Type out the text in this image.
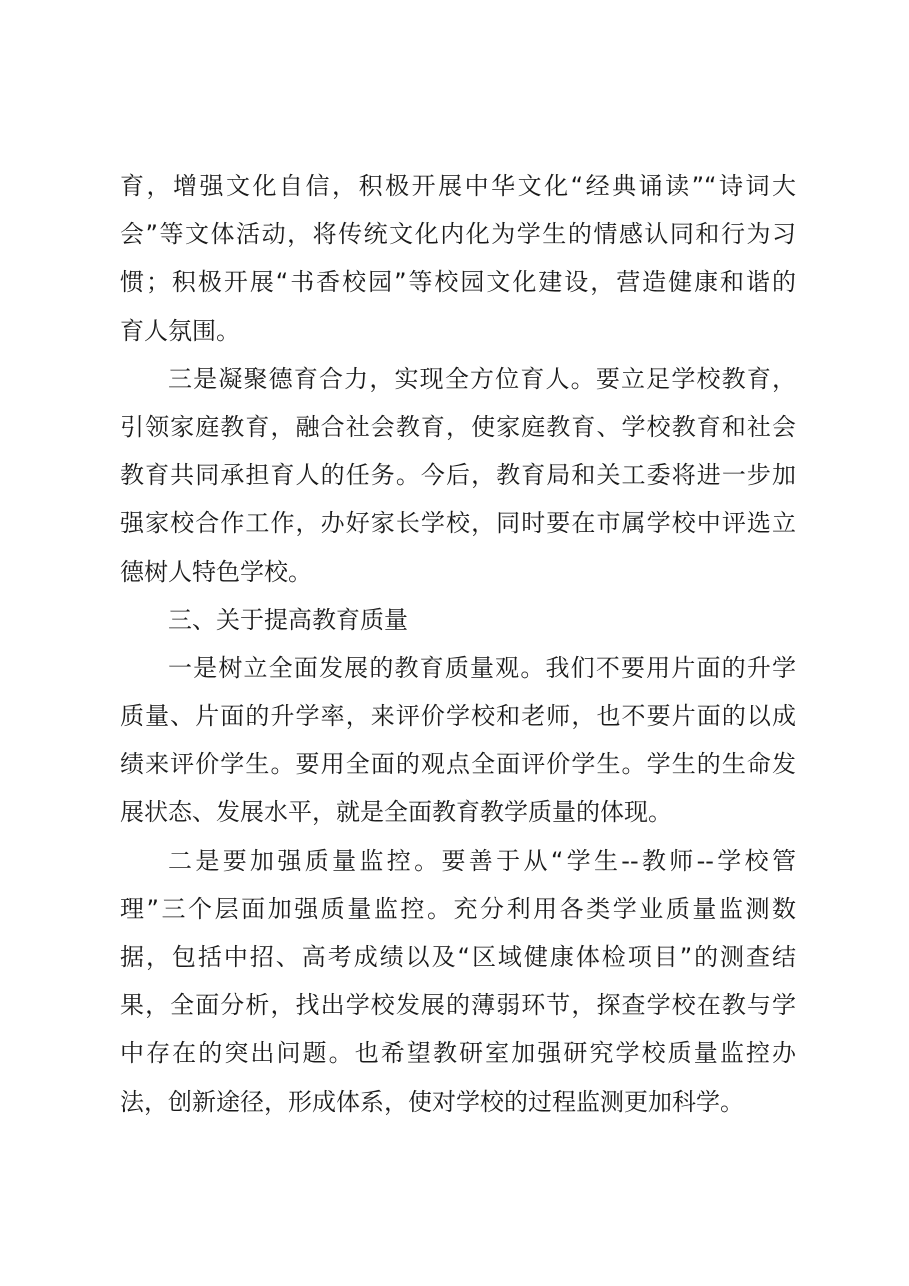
育，增强文化自信，积极开展中华文化“经典诵读”“诗词大
会”等文体活动，将传统文化内化为学生的情感认同和行为习
惯；积极开展“书香校园”等校园文化建设，营造健康和谐的
育人氛围。
三是凝聚德育合力，实现全方位育人。要立足学校教育，
引领家庭教育，融合社会教育，使家庭教育、学校教育和社会
教育共同承担育人的任务。今后，教育局和关工委将进一步加
强家校合作工作，办好家长学校，同时要在市属学校中评选立
德树人特色学校。
三、关于提高教育质量
一是树立全面发展的教育质量观。我们不要用片面的升学
质量、片面的升学率，来评价学校和老师，也不要片面的以成
绩来评价学生。要用全面的观点全面评价学生。学生的生命发
展状态、发展水平，就是全面教育教学质量的体现。
二是要加强质量监控。要善于从“学生--教师--学校管
理”三个层面加强质量监控。充分利用各类学业质量监测数
据，包括中招、高考成绩以及“区域健康体检项目”的测查结
果，全面分析，找出学校发展的薄弱环节，探查学校在教与学
中存在的突出问题。也希望教研室加强研究学校质量监控办
法，创新途径，形成体系，使对学校的过程监测更加科学。
